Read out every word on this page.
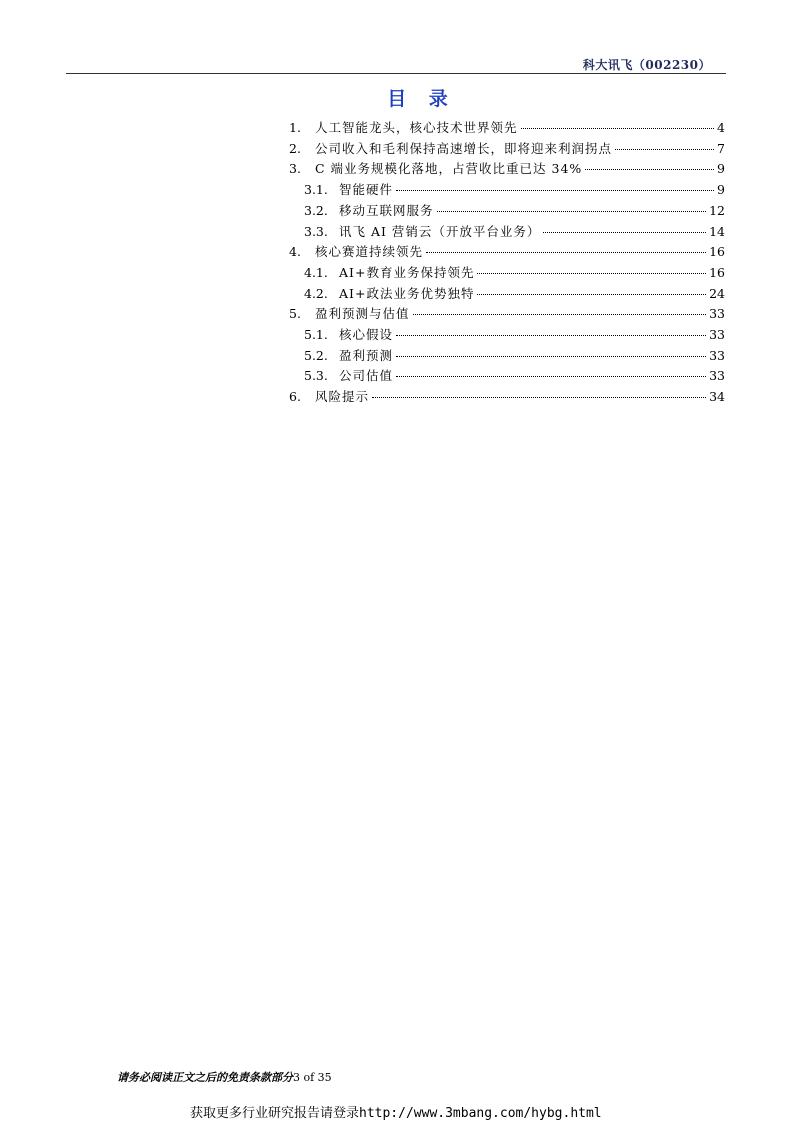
科大讯飞（002230）
目 录
1.	人工智能龙头，核心技术世界领先	4
2.	公司收入和毛利保持高速增长，即将迎来利润拐点	7
3.	C 端业务规模化落地，占营收比重已达 34%	9
3.1. 智能硬件	9
3.2. 移动互联网服务	12
3.3. 讯飞 AI 营销云（开放平台业务）	14
4.	核心赛道持续领先	16
4.1. AI+教育业务保持领先	16
4.2. AI+政法业务优势独特	24
5.	盈利预测与估值	33
5.1. 核心假设	33
5.2. 盈利预测	33
5.3. 公司估值	33
6.	风险提示	34
请务必阅读正文之后的免责条款部分3 of 35
获取更多行业研究报告请登录http://www.3mbang.com/hybg.html
